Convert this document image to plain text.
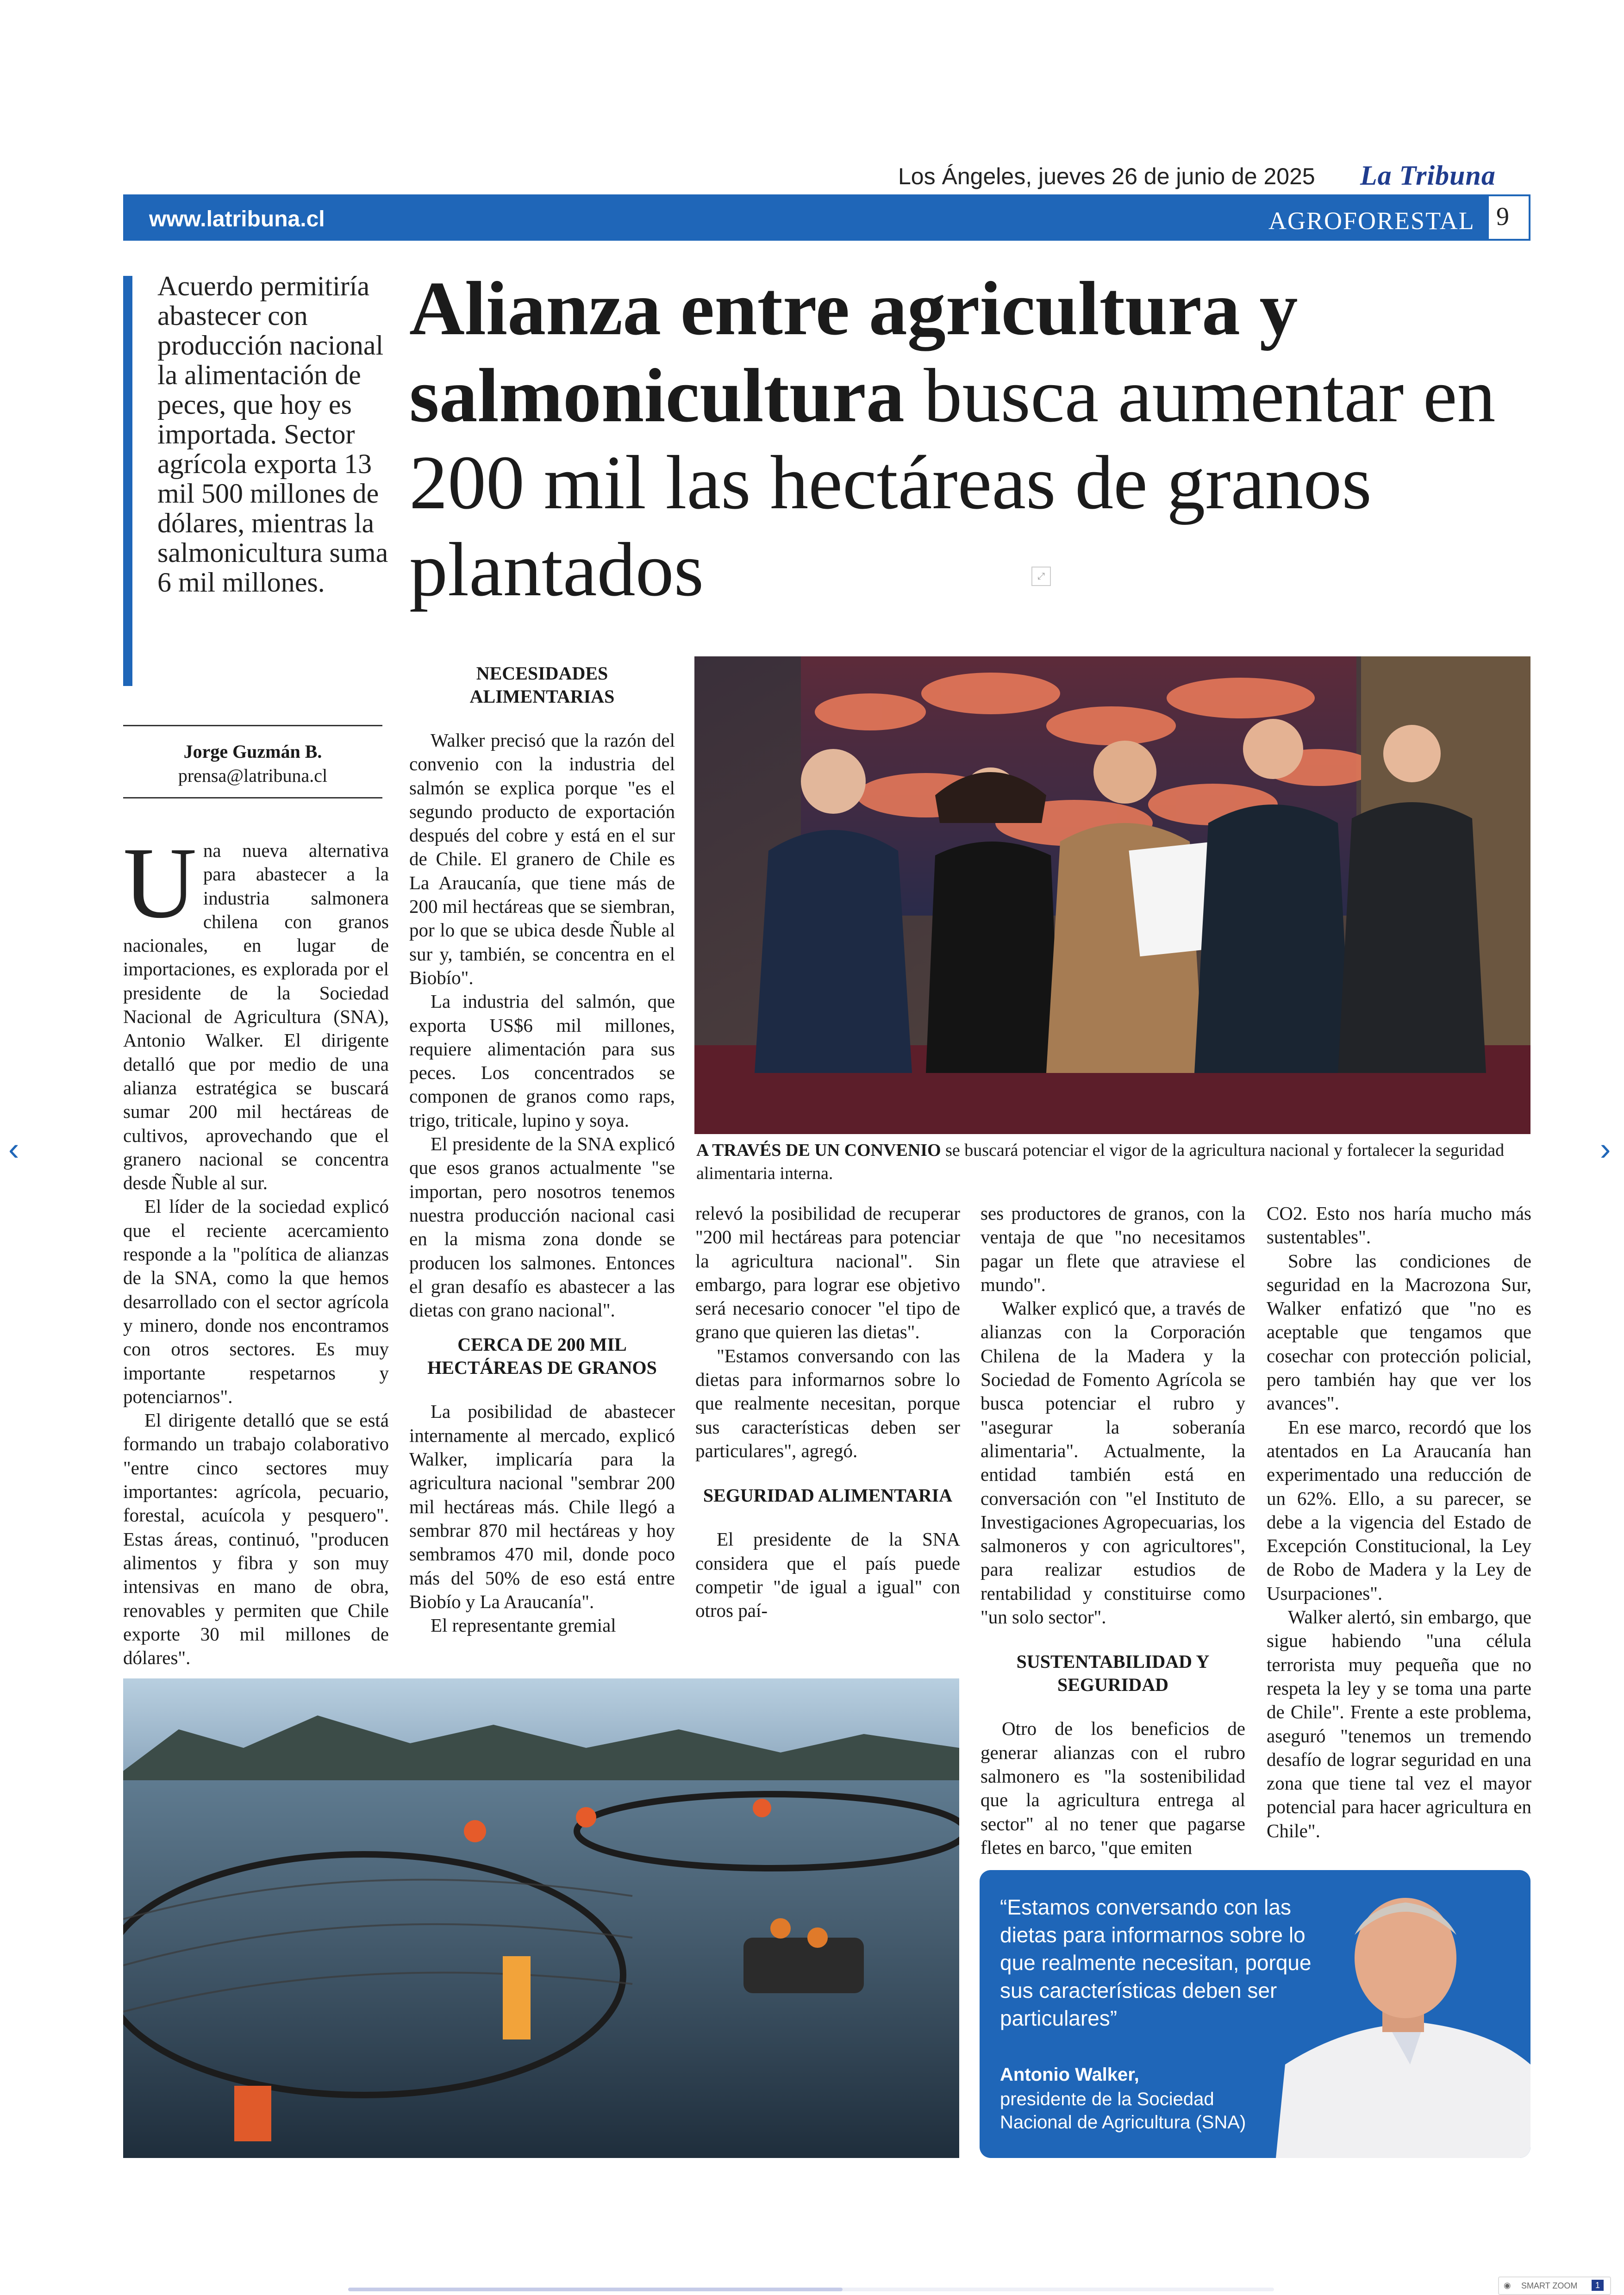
Los Ángeles, jueves 26 de junio de 2025 La Tribuna
www.latribuna.cl	AGROFORESTAL 9
Acuerdo permitiría abastecer con producción nacional la alimentación de peces, que hoy es importada. Sector agrícola exporta 13 mil 500 millones de dólares, mientras la salmonicultura suma 6 mil millones.
Alianza entre agricultura y salmonicultura busca aumentar en 200 mil las hectáreas de granos plantados	⤢
Jorge Guzmán B.
prensa@latribuna.cl

Una nueva alternativa para abastecer a la industria salmonera chilena con granos nacionales, en lugar de importaciones, es explorada por el presidente de la Sociedad Nacional de Agricultura (SNA), Antonio Walker. El dirigente detalló que por medio de una alianza estratégica se buscará sumar 200 mil hectáreas de cultivos, aprovechando que el granero nacional se concentra desde Ñuble al sur.

El líder de la sociedad explicó que el reciente acercamiento responde a la "política de alianzas de la SNA, como la que hemos desarrollado con el sector agrícola y minero, donde nos encontramos con otros sectores. Es muy importante respetarnos y potenciarnos".

El dirigente detalló que se está formando un trabajo colaborativo "entre cinco sectores muy importantes: agrícola, pecuario, forestal, acuícola y pesquero". Estas áreas, continuó, "producen alimentos y fibra y son muy intensivas en mano de obra, renovables y permiten que Chile exporte 30 mil millones de dólares".

NECESIDADES ALIMENTARIAS

Walker precisó que la razón del convenio con la industria del salmón se explica porque "es el segundo producto de exportación después del cobre y está en el sur de Chile. El granero de Chile es La Araucanía, que tiene más de 200 mil hectáreas que se siembran, por lo que se ubica desde Ñuble al sur y, también, se concentra en el Biobío".

La industria del salmón, que exporta US$6 mil millones, requiere alimentación para sus peces. Los concentrados se componen de granos como raps, trigo, triticale, lupino y soya.

El presidente de la SNA explicó que esos granos actualmente "se importan, pero nosotros tenemos nuestra producción nacional casi en la misma zona donde se producen los salmones. Entonces el gran desafío es abastecer a las dietas con grano nacional".

CERCA DE 200 MIL HECTÁREAS DE GRANOS

La posibilidad de abastecer internamente al mercado, explicó Walker, implicaría para la agricultura nacional "sembrar 200 mil hectáreas más. Chile llegó a sembrar 870 mil hectáreas y hoy sembramos 470 mil, donde poco más del 50% de eso está entre Biobío y La Araucanía".

El representante gremial

A TRAVÉS DE UN CONVENIO se buscará potenciar el vigor de la agricultura nacional y fortalecer la seguridad alimentaria interna.

relevó la posibilidad de recuperar "200 mil hectáreas para potenciar la agricultura nacional". Sin embargo, para lograr ese objetivo será necesario conocer "el tipo de grano que quieren las dietas".

"Estamos conversando con las dietas para informarnos sobre lo que realmente necesitan, porque sus características deben ser particulares", agregó.

SEGURIDAD ALIMENTARIA

El presidente de la SNA considera que el país puede competir "de igual a igual" con otros paí-

ses productores de granos, con la ventaja de que "no necesitamos pagar un flete que atraviese el mundo".

Walker explicó que, a través de alianzas con la Corporación Chilena de la Madera y la Sociedad de Fomento Agrícola se busca potenciar el rubro y "asegurar la soberanía alimentaria". Actualmente, la entidad también está en conversación con "el Instituto de Investigaciones Agropecuarias, los salmoneros y con agricultores", para realizar estudios de rentabilidad y constituirse como "un solo sector".

SUSTENTABILIDAD Y SEGURIDAD

Otro de los beneficios de generar alianzas con el rubro salmonero es "la sostenibilidad que la agricultura entrega al sector" al no tener que pagarse fletes en barco, "que emiten

CO2. Esto nos haría mucho más sustentables".

Sobre las condiciones de seguridad en la Macrozona Sur, Walker enfatizó que "no es aceptable que tengamos que cosechar con protección policial, pero también hay que ver los avances".

En ese marco, recordó que los atentados en La Araucanía han experimentado una reducción de un 62%. Ello, a su parecer, se debe a la vigencia del Estado de Excepción Constitucional, la Ley de Robo de Madera y la Ley de Usurpaciones".

Walker alertó, sin embargo, que sigue habiendo "una célula terrorista muy pequeña que no respeta la ley y se toma una parte de Chile". Frente a este problema, aseguró "tenemos un tremendo desafío de lograr seguridad en una zona que tiene tal vez el mayor potencial para hacer agricultura en Chile".

“Estamos conversando con las dietas para informarnos sobre lo que realmente necesitan, porque sus características deben ser particulares”
Antonio Walker,
presidente de la Sociedad Nacional de Agricultura (SNA)
‹	›
◉ SMART ZOOM	1
